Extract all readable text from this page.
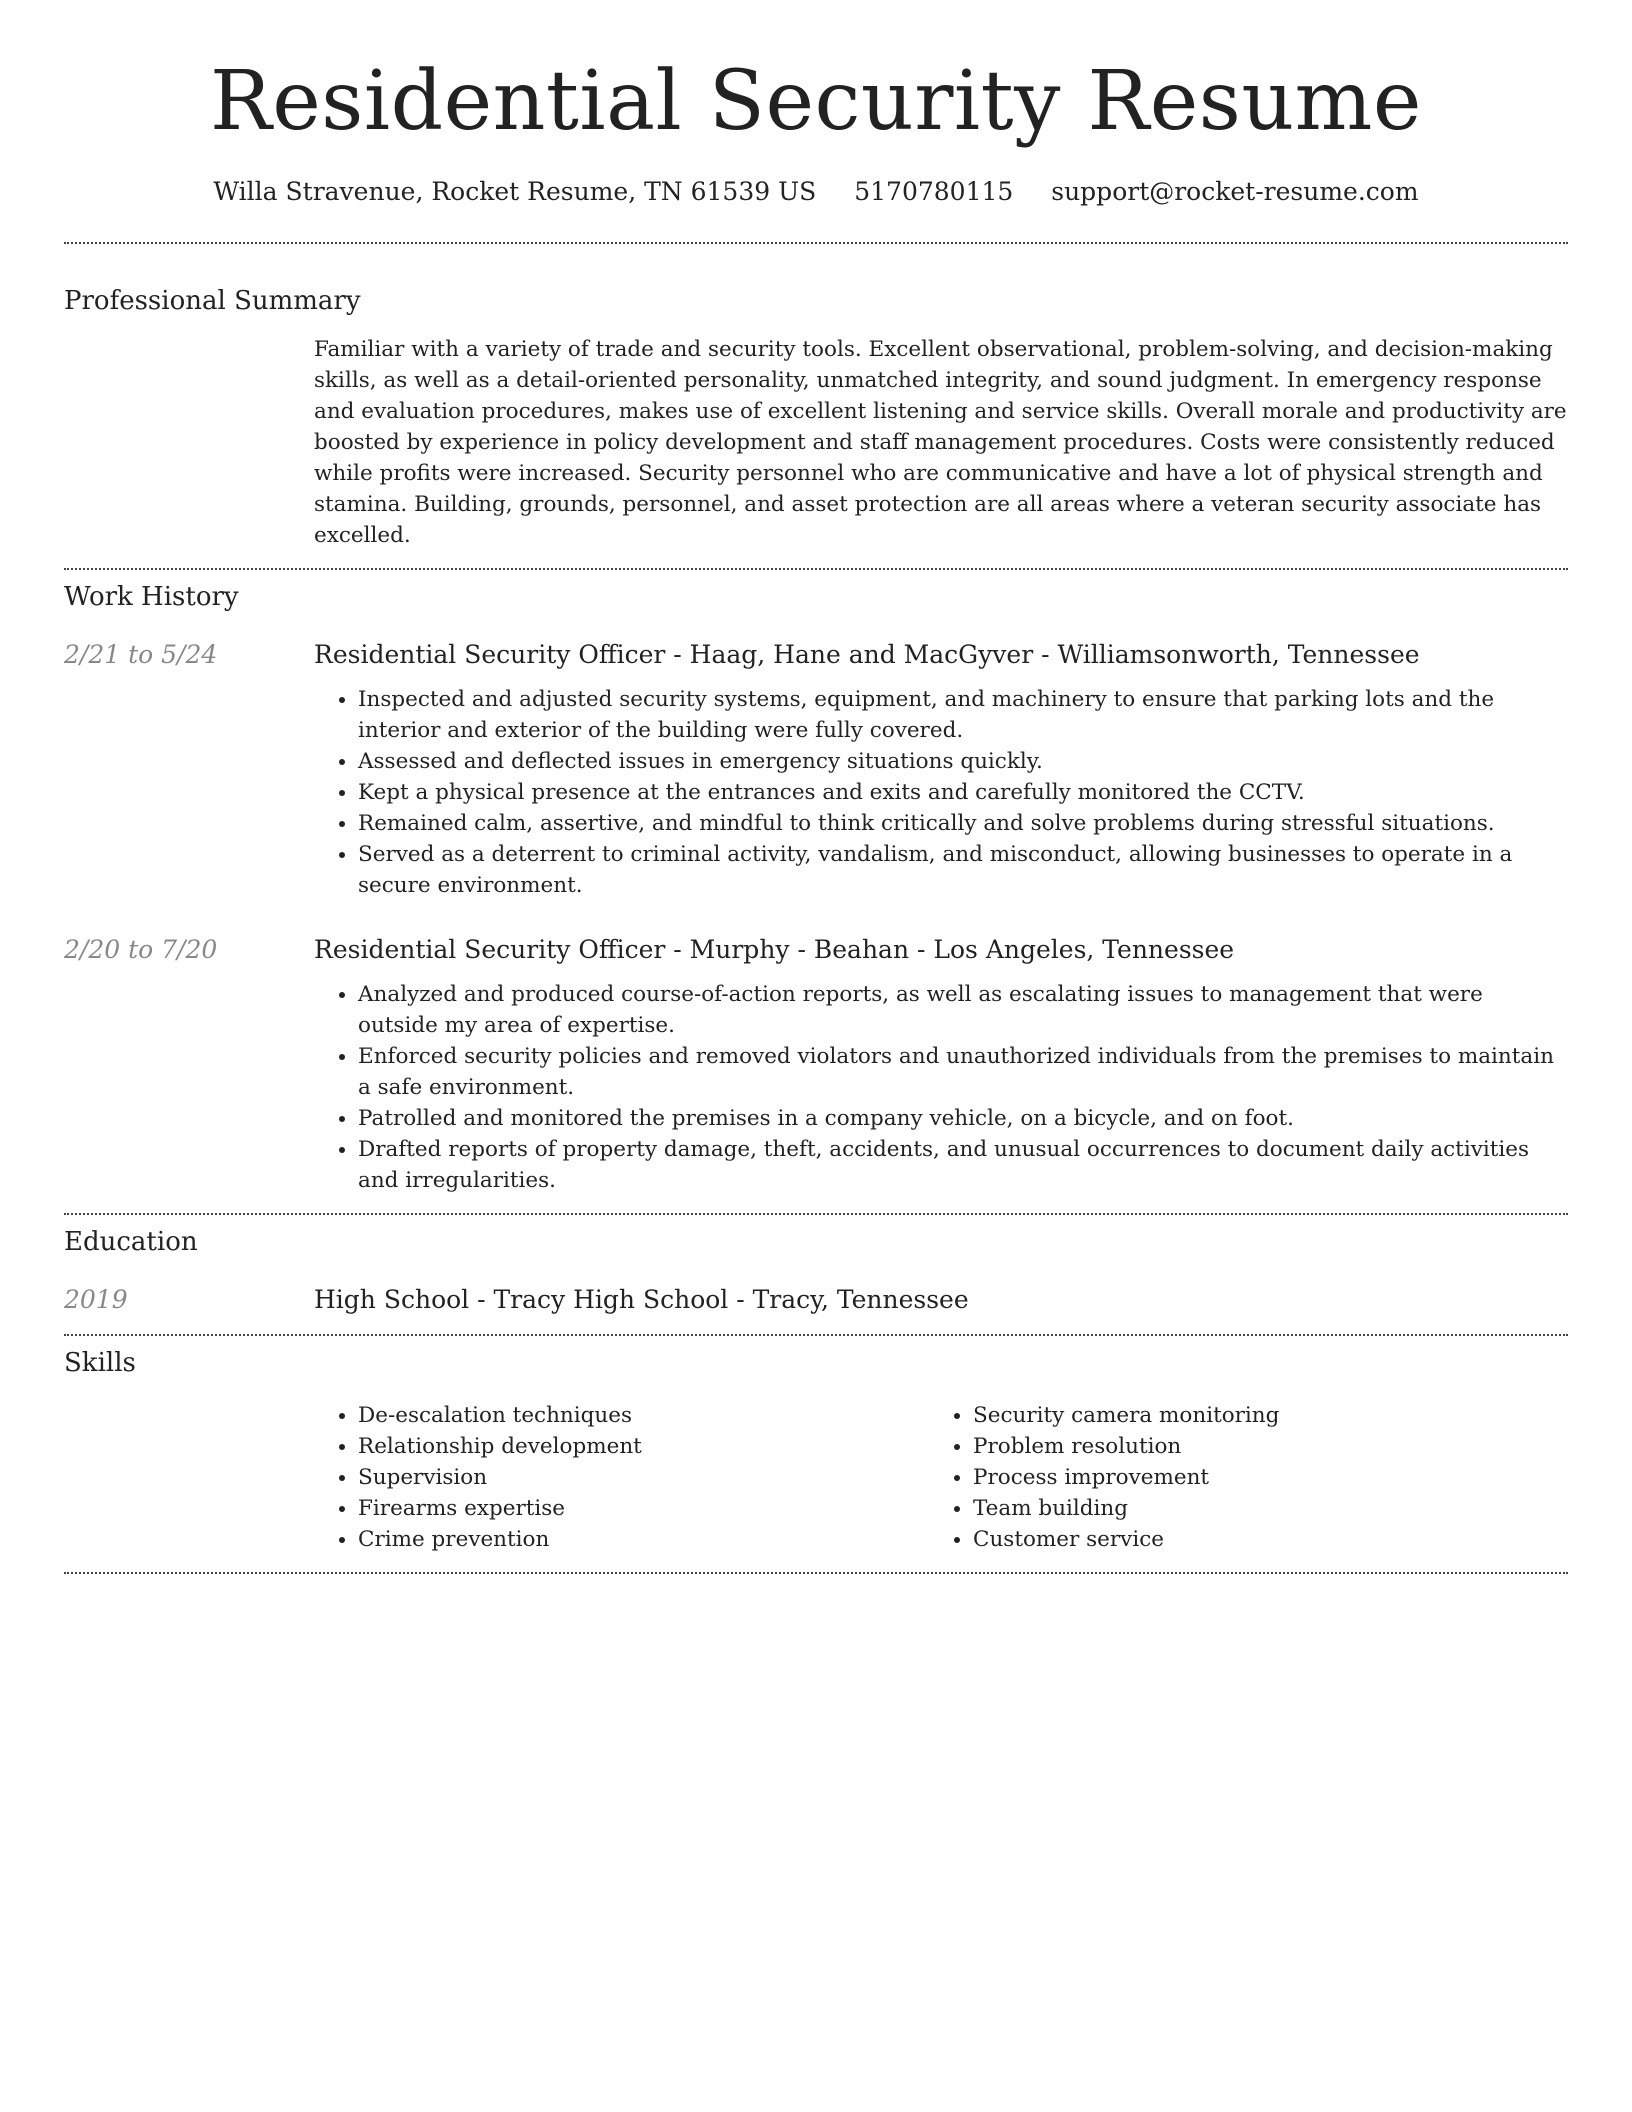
Residential Security Resume
Willa Stravenue, Rocket Resume, TN 61539 US 5170780115 support@rocket-resume.com
Professional Summary

Familiar with a variety of trade and security tools. Excellent observational, problem-solving, and decision-making skills, as well as a detail-oriented personality, unmatched integrity, and sound judgment. In emergency response and evaluation procedures, makes use of excellent listening and service skills. Overall morale and productivity are boosted by experience in policy development and staff management procedures. Costs were consistently reduced while profits were increased. Security personnel who are communicative and have a lot of physical strength and stamina. Building, grounds, personnel, and asset protection are all areas where a veteran security associate has excelled.

Work History
2/21 to 5/24	Residential Security Officer - Haag, Hane and MacGyver - Williamsonworth, Tennessee
• Inspected and adjusted security systems, equipment, and machinery to ensure that parking lots and the interior and exterior of the building were fully covered.
• Assessed and deflected issues in emergency situations quickly.
• Kept a physical presence at the entrances and exits and carefully monitored the CCTV.
• Remained calm, assertive, and mindful to think critically and solve problems during stressful situations.
• Served as a deterrent to criminal activity, vandalism, and misconduct, allowing businesses to operate in a secure environment.
2/20 to 7/20	Residential Security Officer - Murphy - Beahan - Los Angeles, Tennessee
• Analyzed and produced course-of-action reports, as well as escalating issues to management that were outside my area of expertise.
• Enforced security policies and removed violators and unauthorized individuals from the premises to maintain a safe environment.
• Patrolled and monitored the premises in a company vehicle, on a bicycle, and on foot.
• Drafted reports of property damage, theft, accidents, and unusual occurrences to document daily activities and irregularities.
Education
2019	High School - Tracy High School - Tracy, Tennessee
Skills
• De-escalation techniques
• Relationship development
• Supervision
• Firearms expertise
• Crime prevention
• Security camera monitoring
• Problem resolution
• Process improvement
• Team building
• Customer service
